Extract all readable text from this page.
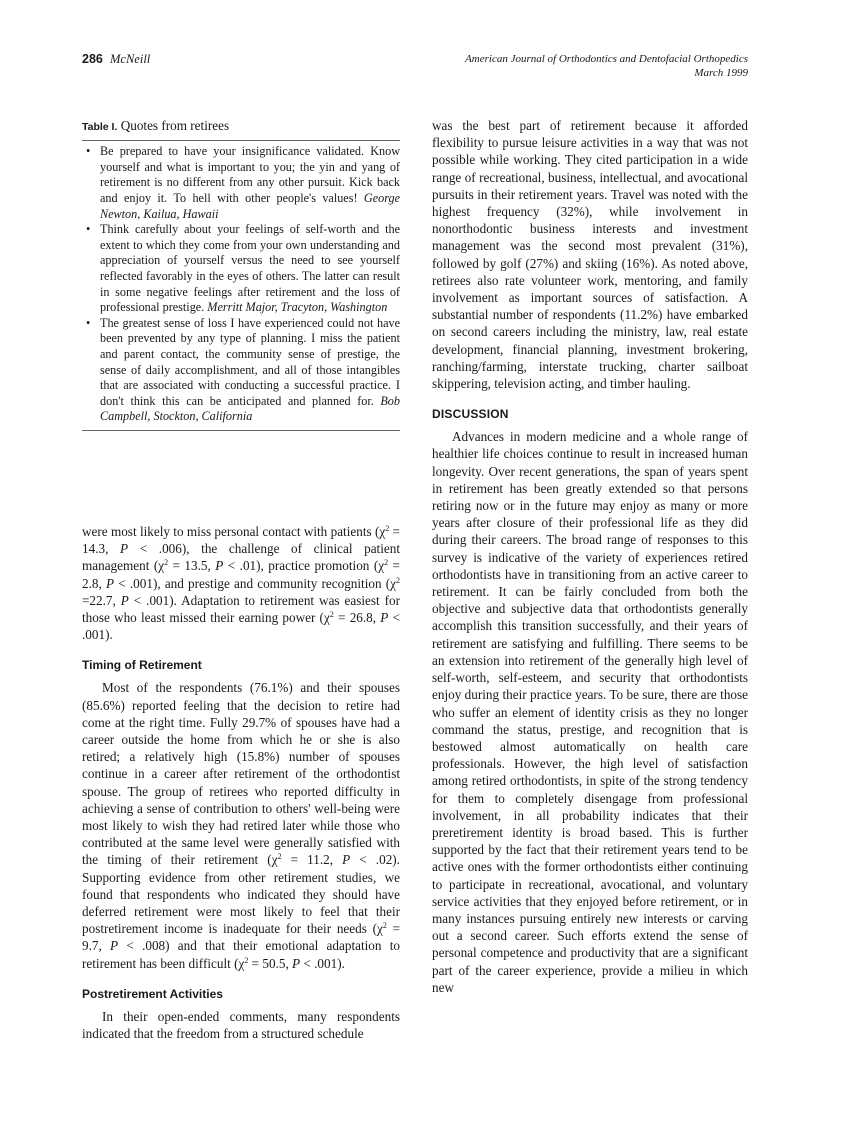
286 McNeill	American Journal of Orthodontics and Dentofacial Orthopedics
March 1999
Table I. Quotes from retirees
• Be prepared to have your insignificance validated. Know yourself and what is important to you; the yin and yang of retirement is no different from any other pursuit. Kick back and enjoy it. To hell with other people's values! George Newton, Kailua, Hawaii
• Think carefully about your feelings of self-worth and the extent to which they come from your own understanding and appreciation of yourself versus the need to see yourself reflected favorably in the eyes of others. The latter can result in some negative feelings after retirement and the loss of professional prestige. Merritt Major, Tracyton, Washington
• The greatest sense of loss I have experienced could not have been prevented by any type of planning. I miss the patient and parent contact, the community sense of prestige, the sense of daily accomplishment, and all of those intangibles that are associated with conducting a successful practice. I don't think this can be anticipated and planned for. Bob Campbell, Stockton, California

were most likely to miss personal contact with patients ($\chi^2 = 14.3$, P < .006), the challenge of clinical patient management ($\chi^2 = 13.5$, P < .01), practice promotion ($\chi^2 = 2.8$, P < .001), and prestige and community recognition ($\chi^2 =22.7$, P < .001). Adaptation to retirement was easiest for those who least missed their earning power ($\chi^2 = 26.8$, P < .001).

Timing of Retirement

Most of the respondents (76.1%) and their spouses (85.6%) reported feeling that the decision to retire had come at the right time. Fully 29.7% of spouses have had a career outside the home from which he or she is also retired; a relatively high (15.8%) number of spouses continue in a career after retirement of the orthodontist spouse. The group of retirees who reported difficulty in achieving a sense of contribution to others' well-being were most likely to wish they had retired later while those who contributed at the same level were generally satisfied with the timing of their retirement ($\chi^2 = 11.2$, P < .02). Supporting evidence from other retirement studies, we found that respondents who indicated they should have deferred retirement were most likely to feel that their postretirement income is inadequate for their needs ($\chi^2 = 9.7$, P < .008) and that their emotional adaptation to retirement has been difficult ($\chi^2 = 50.5$, P < .001).

Postretirement Activities

In their open-ended comments, many respondents indicated that the freedom from a structured schedule

was the best part of retirement because it afforded flexibility to pursue leisure activities in a way that was not possible while working. They cited participation in a wide range of recreational, business, intellectual, and avocational pursuits in their retirement years. Travel was noted with the highest frequency (32%), while involvement in nonorthodontic business interests and investment management was the second most prevalent (31%), followed by golf (27%) and skiing (16%). As noted above, retirees also rate volunteer work, mentoring, and family involvement as important sources of satisfaction. A substantial number of respondents (11.2%) have embarked on second careers including the ministry, law, real estate development, financial planning, investment brokering, ranching/farming, interstate trucking, charter sailboat skippering, television acting, and timber hauling.

DISCUSSION

Advances in modern medicine and a whole range of healthier life choices continue to result in increased human longevity. Over recent generations, the span of years spent in retirement has been greatly extended so that persons retiring now or in the future may enjoy as many or more years after closure of their professional life as they did during their careers. The broad range of responses to this survey is indicative of the variety of experiences retired orthodontists have in transitioning from an active career to retirement. It can be fairly concluded from both the objective and subjective data that orthodontists generally accomplish this transition successfully, and their years of retirement are satisfying and fulfilling. There seems to be an extension into retirement of the generally high level of self-worth, self-esteem, and security that orthodontists enjoy during their practice years. To be sure, there are those who suffer an element of identity crisis as they no longer command the status, prestige, and recognition that is bestowed almost automatically on health care professionals. However, the high level of satisfaction among retired orthodontists, in spite of the strong tendency for them to completely disengage from professional involvement, in all probability indicates that their preretirement identity is broad based. This is further supported by the fact that their retirement years tend to be active ones with the former orthodontists either continuing to participate in recreational, avocational, and voluntary service activities that they enjoyed before retirement, or in many instances pursuing entirely new interests or carving out a second career. Such efforts extend the sense of personal competence and productivity that are a significant part of the career experience, provide a milieu in which new
